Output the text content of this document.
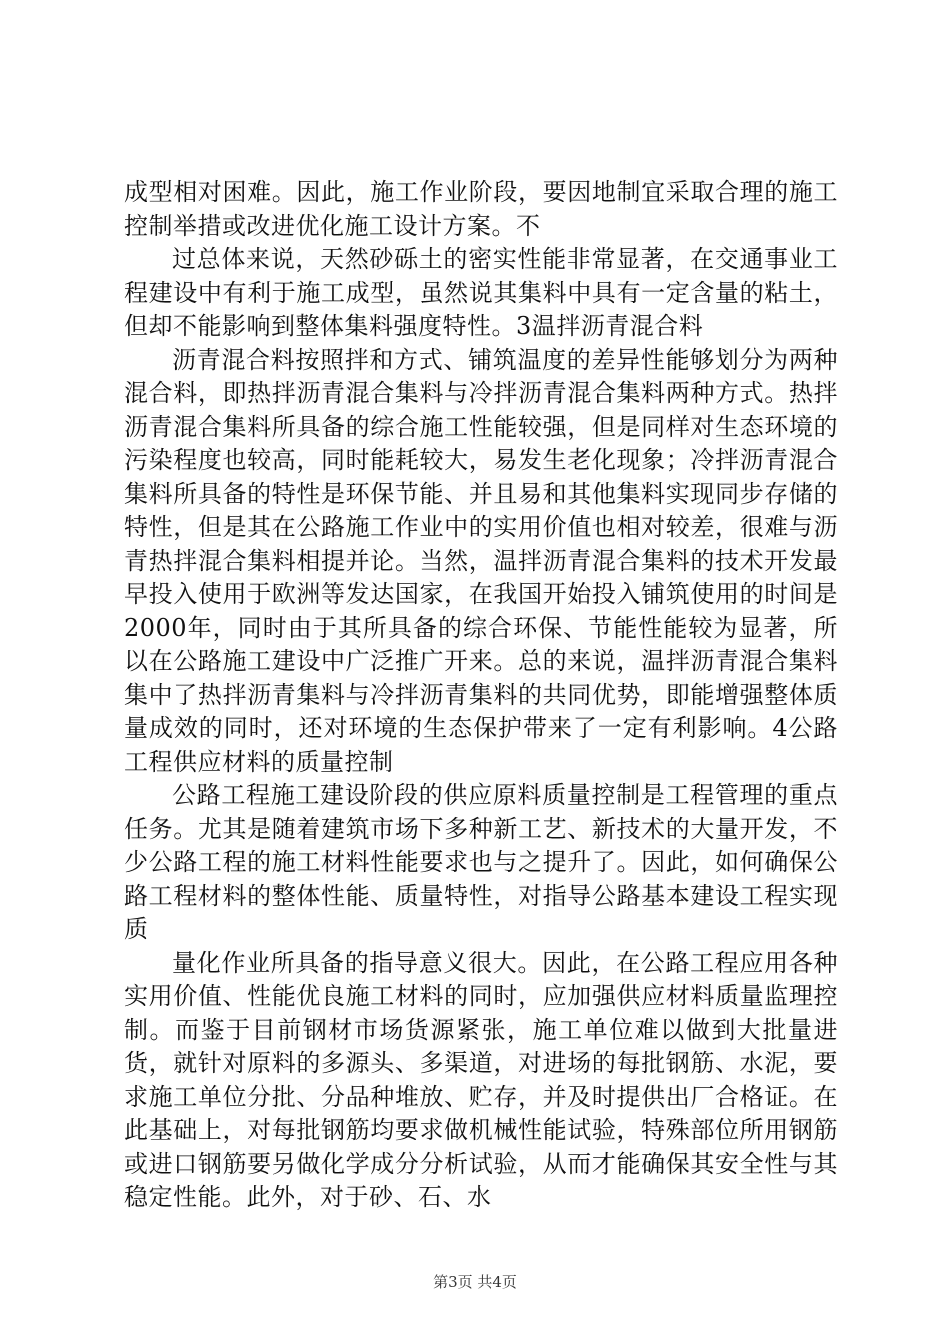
成型相对困难。因此，施工作业阶段，要因地制宜采取合理的施工控制举措或改进优化施工设计方案。不

过总体来说，天然砂砾土的密实性能非常显著，在交通事业工程建设中有利于施工成型，虽然说其集料中具有一定含量的粘土，但却不能影响到整体集料强度特性。3温拌沥青混合料

沥青混合料按照拌和方式、铺筑温度的差异性能够划分为两种混合料，即热拌沥青混合集料与冷拌沥青混合集料两种方式。热拌沥青混合集料所具备的综合施工性能较强，但是同样对生态环境的污染程度也较高，同时能耗较大，易发生老化现象；冷拌沥青混合集料所具备的特性是环保节能、并且易和其他集料实现同步存储的特性，但是其在公路施工作业中的实用价值也相对较差，很难与沥青热拌混合集料相提并论。当然，温拌沥青混合集料的技术开发最早投入使用于欧洲等发达国家，在我国开始投入铺筑使用的时间是2000年，同时由于其所具备的综合环保、节能性能较为显著，所以在公路施工建设中广泛推广开来。总的来说，温拌沥青混合集料集中了热拌沥青集料与冷拌沥青集料的共同优势，即能增强整体质量成效的同时，还对环境的生态保护带来了一定有利影响。4公路工程供应材料的质量控制

公路工程施工建设阶段的供应原料质量控制是工程管理的重点任务。尤其是随着建筑市场下多种新工艺、新技术的大量开发，不少公路工程的施工材料性能要求也与之提升了。因此，如何确保公路工程材料的整体性能、质量特性，对指导公路基本建设工程实现质

量化作业所具备的指导意义很大。因此，在公路工程应用各种实用价值、性能优良施工材料的同时，应加强供应材料质量监理控制。而鉴于目前钢材市场货源紧张，施工单位难以做到大批量进货，就针对原料的多源头、多渠道，对进场的每批钢筋、水泥，要求施工单位分批、分品种堆放、贮存，并及时提供出厂合格证。在此基础上，对每批钢筋均要求做机械性能试验，特殊部位所用钢筋或进口钢筋要另做化学成分分析试验，从而才能确保其安全性与其稳定性能。此外，对于砂、石、水

第3页 共4页
